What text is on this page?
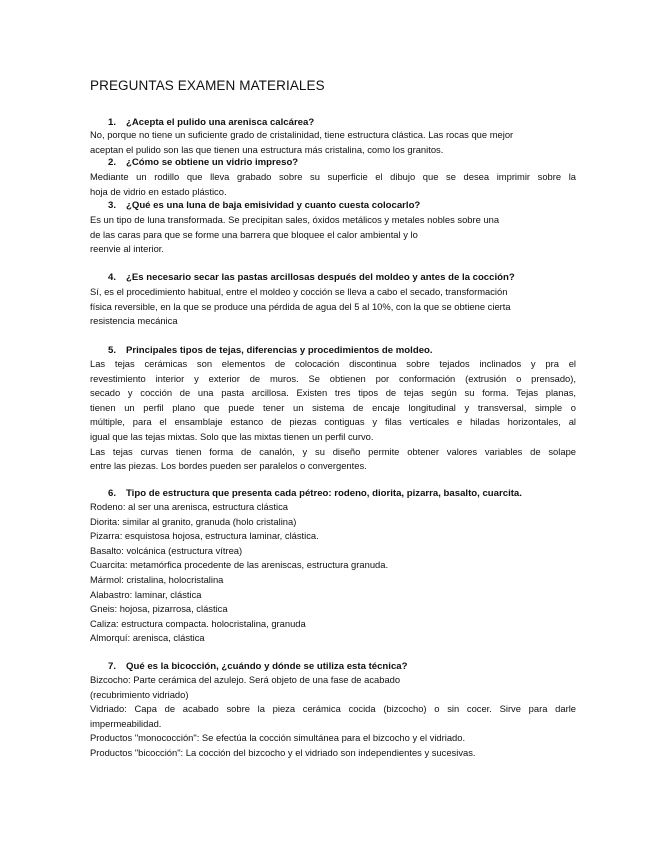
PREGUNTAS EXAMEN MATERIALES
1. ¿Acepta el pulido una arenisca calcárea?
No, porque no tiene un suficiente grado de cristalinidad, tiene estructura clástica. Las rocas que mejor
aceptan el pulido son las que tienen una estructura más cristalina, como los granitos.
2. ¿Cómo se obtiene un vidrio impreso?
Mediante un rodillo que lleva grabado sobre su superficie el dibujo que se desea imprimir sobre la
hoja de vidrio en estado plástico.
3. ¿Qué es una luna de baja emisividad y cuanto cuesta colocarlo?
Es un tipo de luna transformada. Se precipitan sales, óxidos metálicos y metales nobles sobre una
de las caras para que se forme una barrera que bloquee el calor ambiental y lo
reenvie al interior.
4. ¿Es necesario secar las pastas arcillosas después del moldeo y antes de la cocción?
Sí, es el procedimiento habitual, entre el moldeo y cocción se lleva a cabo el secado, transformación
física reversible, en la que se produce una pérdida de agua del 5 al 10%, con la que se obtiene cierta
resistencia mecánica
5. Principales tipos de tejas, diferencias y procedimientos de moldeo.
Las tejas cerámicas son elementos de colocación discontinua sobre tejados inclinados y pra el
revestimiento interior y exterior de muros. Se obtienen por conformación (extrusión o prensado),
secado y cocción de una pasta arcillosa. Existen tres tipos de tejas según su forma. Tejas planas,
tienen un perfil plano que puede tener un sistema de encaje longitudinal y transversal, simple o
múltiple, para el ensamblaje estanco de piezas contiguas y filas verticales e hiladas horizontales, al
igual que las tejas mixtas. Solo que las mixtas tienen un perfil curvo.
Las tejas curvas tienen forma de canalón, y su diseño permite obtener valores variables de solape
entre las piezas. Los bordes pueden ser paralelos o convergentes.
6. Tipo de estructura que presenta cada pétreo: rodeno, diorita, pizarra, basalto, cuarcita.
Rodeno: al ser una arenisca, estructura clástica
Diorita: similar al granito, granuda (holo cristalina)
Pizarra: esquistosa hojosa, estructura laminar, clástica.
Basalto: volcánica (estructura vítrea)
Cuarcita: metamórfica procedente de las areniscas, estructura granuda.
Mármol: cristalina, holocristalina
Alabastro: laminar, clástica
Gneis: hojosa, pizarrosa, clástica
Caliza: estructura compacta. holocristalina, granuda
Almorquí: arenisca, clástica
7. Qué es la bicocción, ¿cuándo y dónde se utiliza esta técnica?
Bizcocho: Parte cerámica del azulejo. Será objeto de una fase de acabado
(recubrimiento vidriado)
Vidriado: Capa de acabado sobre la pieza cerámica cocida (bizcocho) o sin cocer. Sirve para darle
impermeabilidad.
Productos "monococción": Se efectúa la cocción simultánea para el bizcocho y el vidriado.
Productos "bicocción": La cocción del bizcocho y el vidriado son independientes y sucesivas.
